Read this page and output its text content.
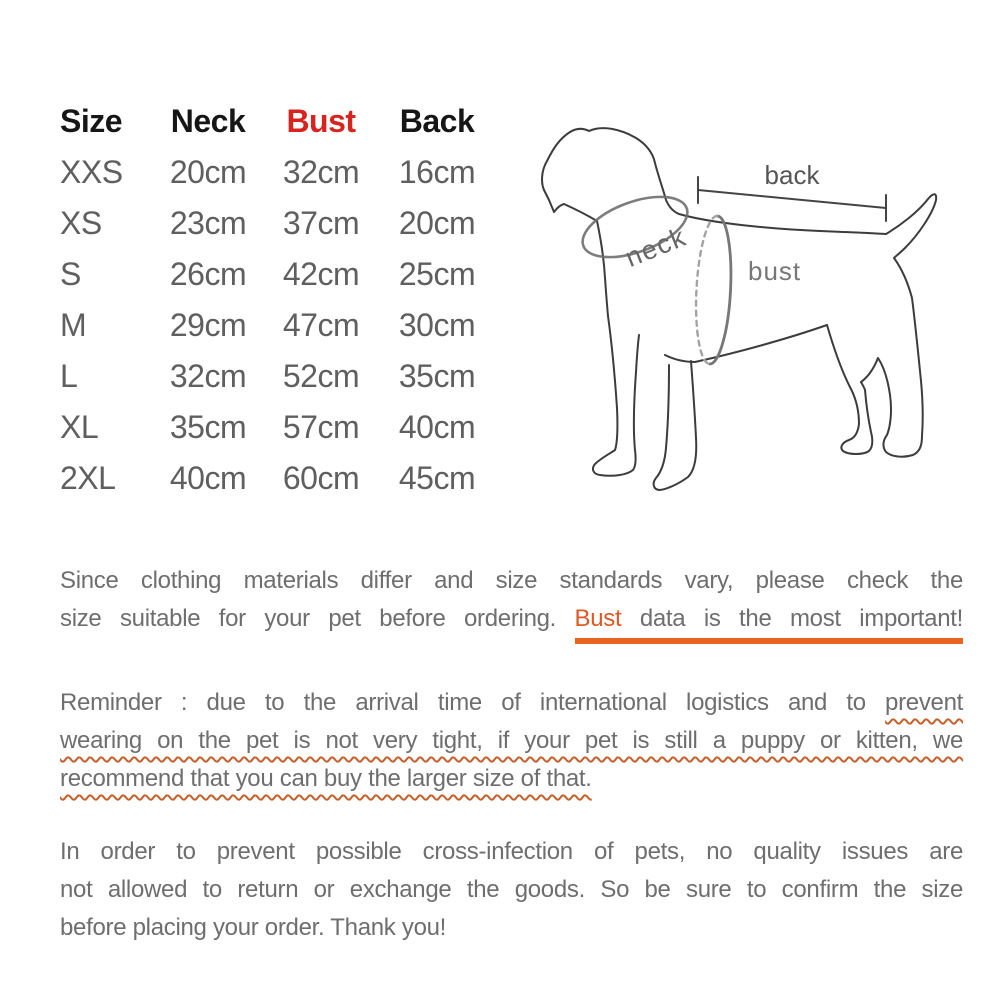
Size	Neck	Bust	Back
XXS	20cm	32cm	16cm
XS	23cm	37cm	20cm
S	26cm	42cm	25cm
M	29cm	47cm	30cm
L	32cm	52cm	35cm
XL	35cm	57cm	40cm
2XL	40cm	60cm	45cm
back
neck bust
Since clothing materials differ and size standards vary, please check the
size suitable for your pet before ordering. Bust data is the most important!
Reminder : due to the arrival time of international logistics and to prevent
wearing on the pet is not very tight, if your pet is still a puppy or kitten, we
recommend that you can buy the larger size of that.
In order to prevent possible cross-infection of pets, no quality issues are
not allowed to return or exchange the goods. So be sure to confirm the size
before placing your order. Thank you!
